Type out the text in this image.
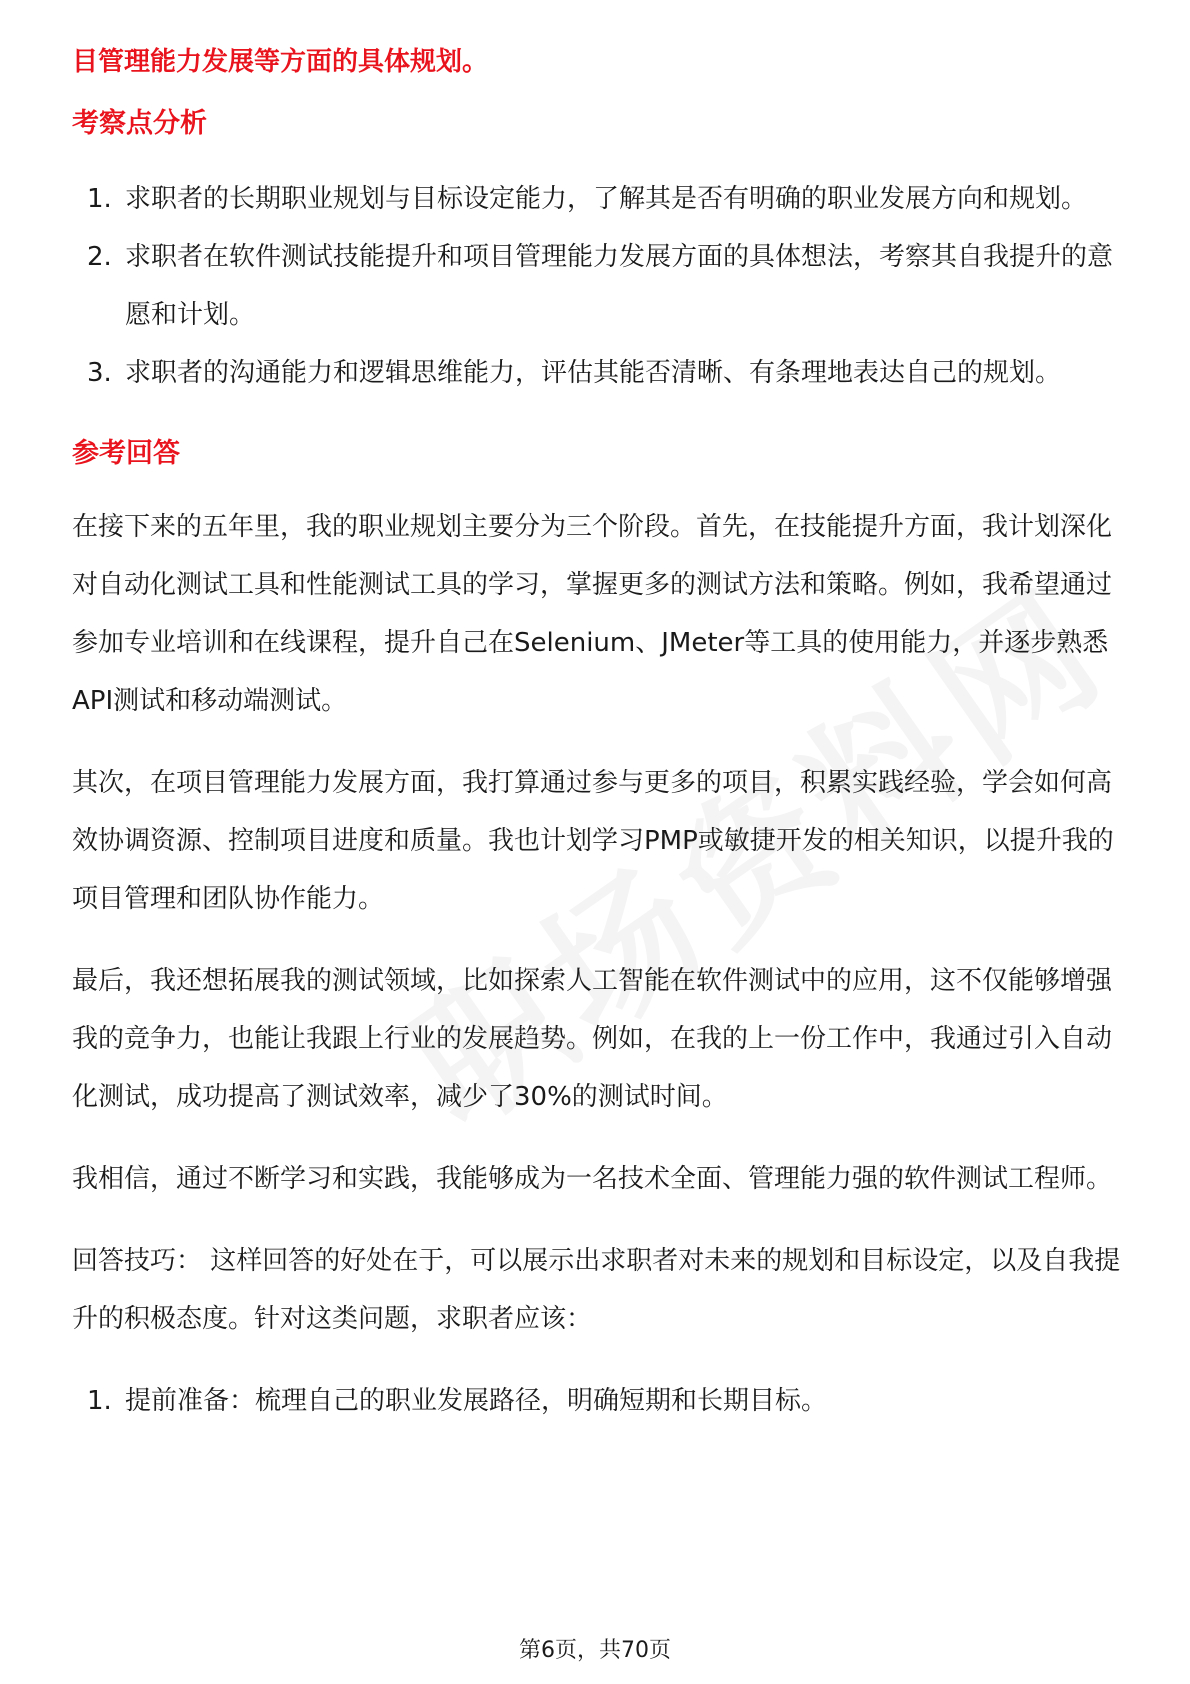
目管理能力发展等方面的具体规划。

考察点分析
1. 求职者的长期职业规划与目标设定能力，了解其是否有明确的职业发展方向和规划。
2. 求职者在软件测试技能提升和项目管理能力发展方面的具体想法，考察其自我提升的意愿和计划。
3. 求职者的沟通能力和逻辑思维能力，评估其能否清晰、有条理地表达自己的规划。
参考回答

在接下来的五年里，我的职业规划主要分为三个阶段。首先，在技能提升方面，我计划深化对自动化测试工具和性能测试工具的学习，掌握更多的测试方法和策略。例如，我希望通过参加专业培训和在线课程，提升自己在Selenium、JMeter等工具的使用能力，并逐步熟悉API测试和移动端测试。

其次，在项目管理能力发展方面，我打算通过参与更多的项目，积累实践经验，学会如何高效协调资源、控制项目进度和质量。我也计划学习PMP或敏捷开发的相关知识，以提升我的项目管理和团队协作能力。

最后，我还想拓展我的测试领域，比如探索人工智能在软件测试中的应用，这不仅能够增强我的竞争力，也能让我跟上行业的发展趋势。例如，在我的上一份工作中，我通过引入自动化测试，成功提高了测试效率，减少了30%的测试时间。

我相信，通过不断学习和实践，我能够成为一名技术全面、管理能力强的软件测试工程师。

回答技巧： 这样回答的好处在于，可以展示出求职者对未来的规划和目标设定，以及自我提升的积极态度。针对这类问题，求职者应该：

1. 提前准备：梳理自己的职业发展路径，明确短期和长期目标。
第6页，共70页
